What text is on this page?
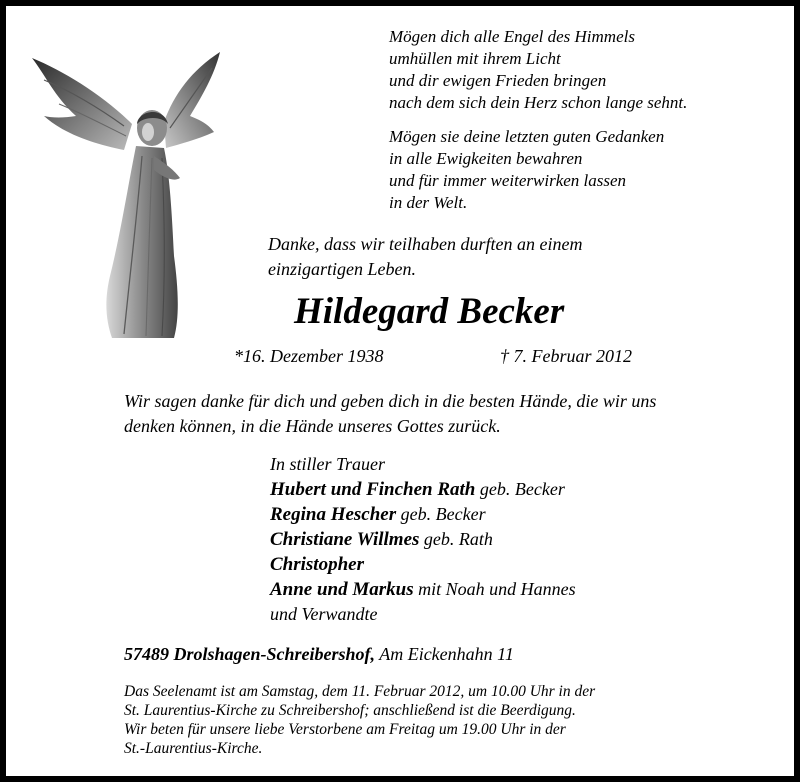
Mögen dich alle Engel des Himmels
umhüllen mit ihrem Licht
und dir ewigen Frieden bringen
nach dem sich dein Herz schon lange sehnt.
Mögen sie deine letzten guten Gedanken
in alle Ewigkeiten bewahren
und für immer weiterwirken lassen
in der Welt.
Danke, dass wir teilhaben durften an einem
einzigartigen Leben.
Hildegard Becker
*16. Dezember 1938	† 7. Februar 2012
Wir sagen danke für dich und geben dich in die besten Hände, die wir uns
denken können, in die Hände unseres Gottes zurück.
In stiller Trauer
Hubert und Finchen Rath geb. Becker
Regina Hescher geb. Becker
Christiane Willmes geb. Rath
Christopher
Anne und Markus mit Noah und Hannes
und Verwandte
57489 Drolshagen-Schreibershof, Am Eickenhahn 11
Das Seelenamt ist am Samstag, dem 11. Februar 2012, um 10.00 Uhr in der
St. Laurentius-Kirche zu Schreibershof; anschließend ist die Beerdigung.
Wir beten für unsere liebe Verstorbene am Freitag um 19.00 Uhr in der
St.-Laurentius-Kirche.
